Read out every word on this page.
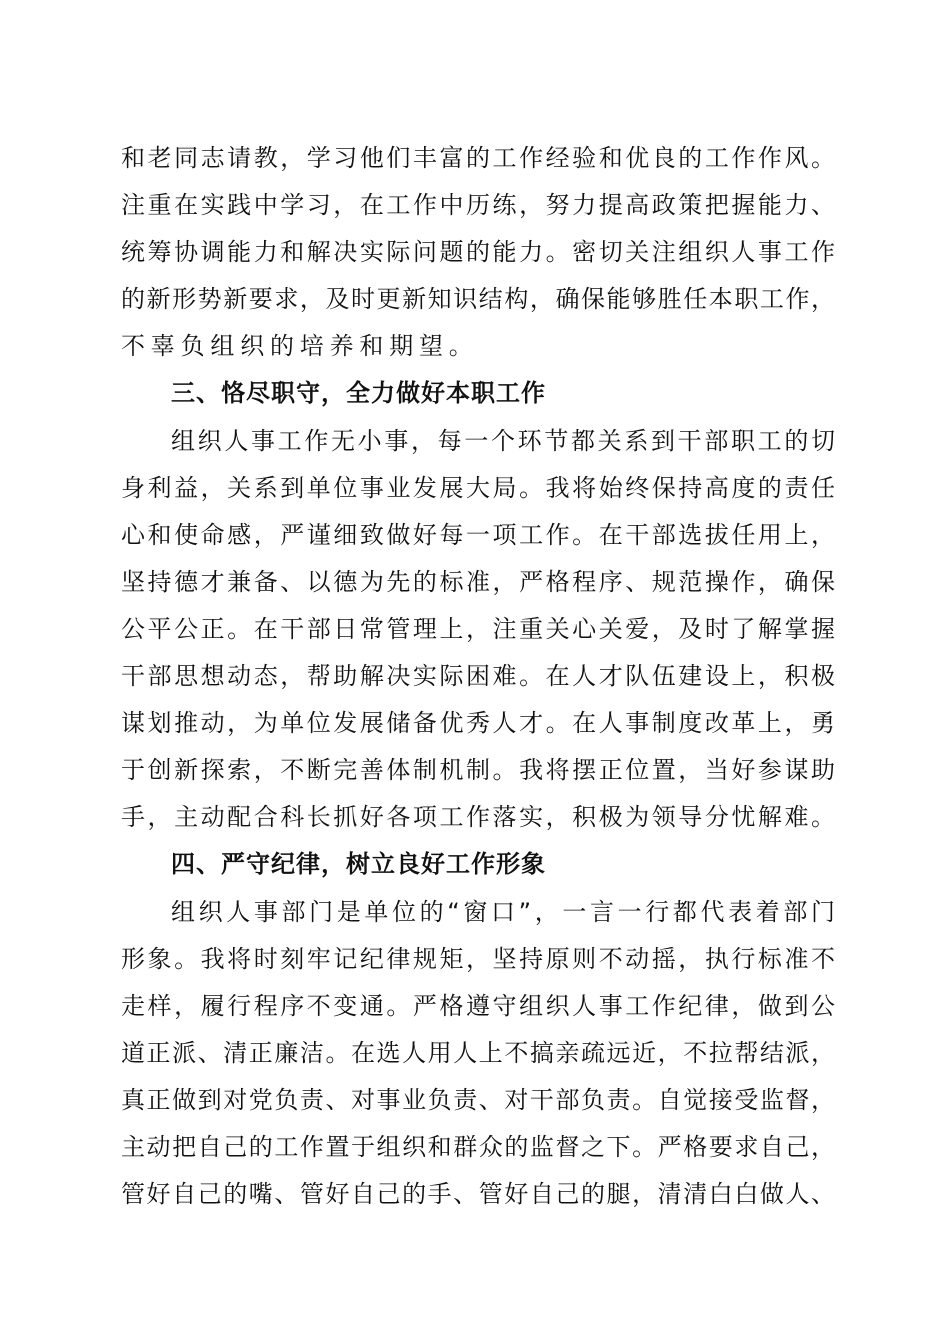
和老同志请教，学习他们丰富的工作经验和优良的工作作风。
注重在实践中学习，在工作中历练，努力提高政策把握能力、
统筹协调能力和解决实际问题的能力。密切关注组织人事工作
的新形势新要求，及时更新知识结构，确保能够胜任本职工作，
不辜负组织的培养和期望。
三、恪尽职守，全力做好本职工作
组织人事工作无小事，每一个环节都关系到干部职工的切
身利益，关系到单位事业发展大局。我将始终保持高度的责任
心和使命感，严谨细致做好每一项工作。在干部选拔任用上，
坚持德才兼备、以德为先的标准，严格程序、规范操作，确保
公平公正。在干部日常管理上，注重关心关爱，及时了解掌握
干部思想动态，帮助解决实际困难。在人才队伍建设上，积极
谋划推动，为单位发展储备优秀人才。在人事制度改革上，勇
于创新探索，不断完善体制机制。我将摆正位置，当好参谋助
手，主动配合科长抓好各项工作落实，积极为领导分忧解难。
四、严守纪律，树立良好工作形象
组织人事部门是单位的“窗口”，一言一行都代表着部门
形象。我将时刻牢记纪律规矩，坚持原则不动摇，执行标准不
走样，履行程序不变通。严格遵守组织人事工作纪律，做到公
道正派、清正廉洁。在选人用人上不搞亲疏远近，不拉帮结派，
真正做到对党负责、对事业负责、对干部负责。自觉接受监督，
主动把自己的工作置于组织和群众的监督之下。严格要求自己，
管好自己的嘴、管好自己的手、管好自己的腿，清清白白做人、
